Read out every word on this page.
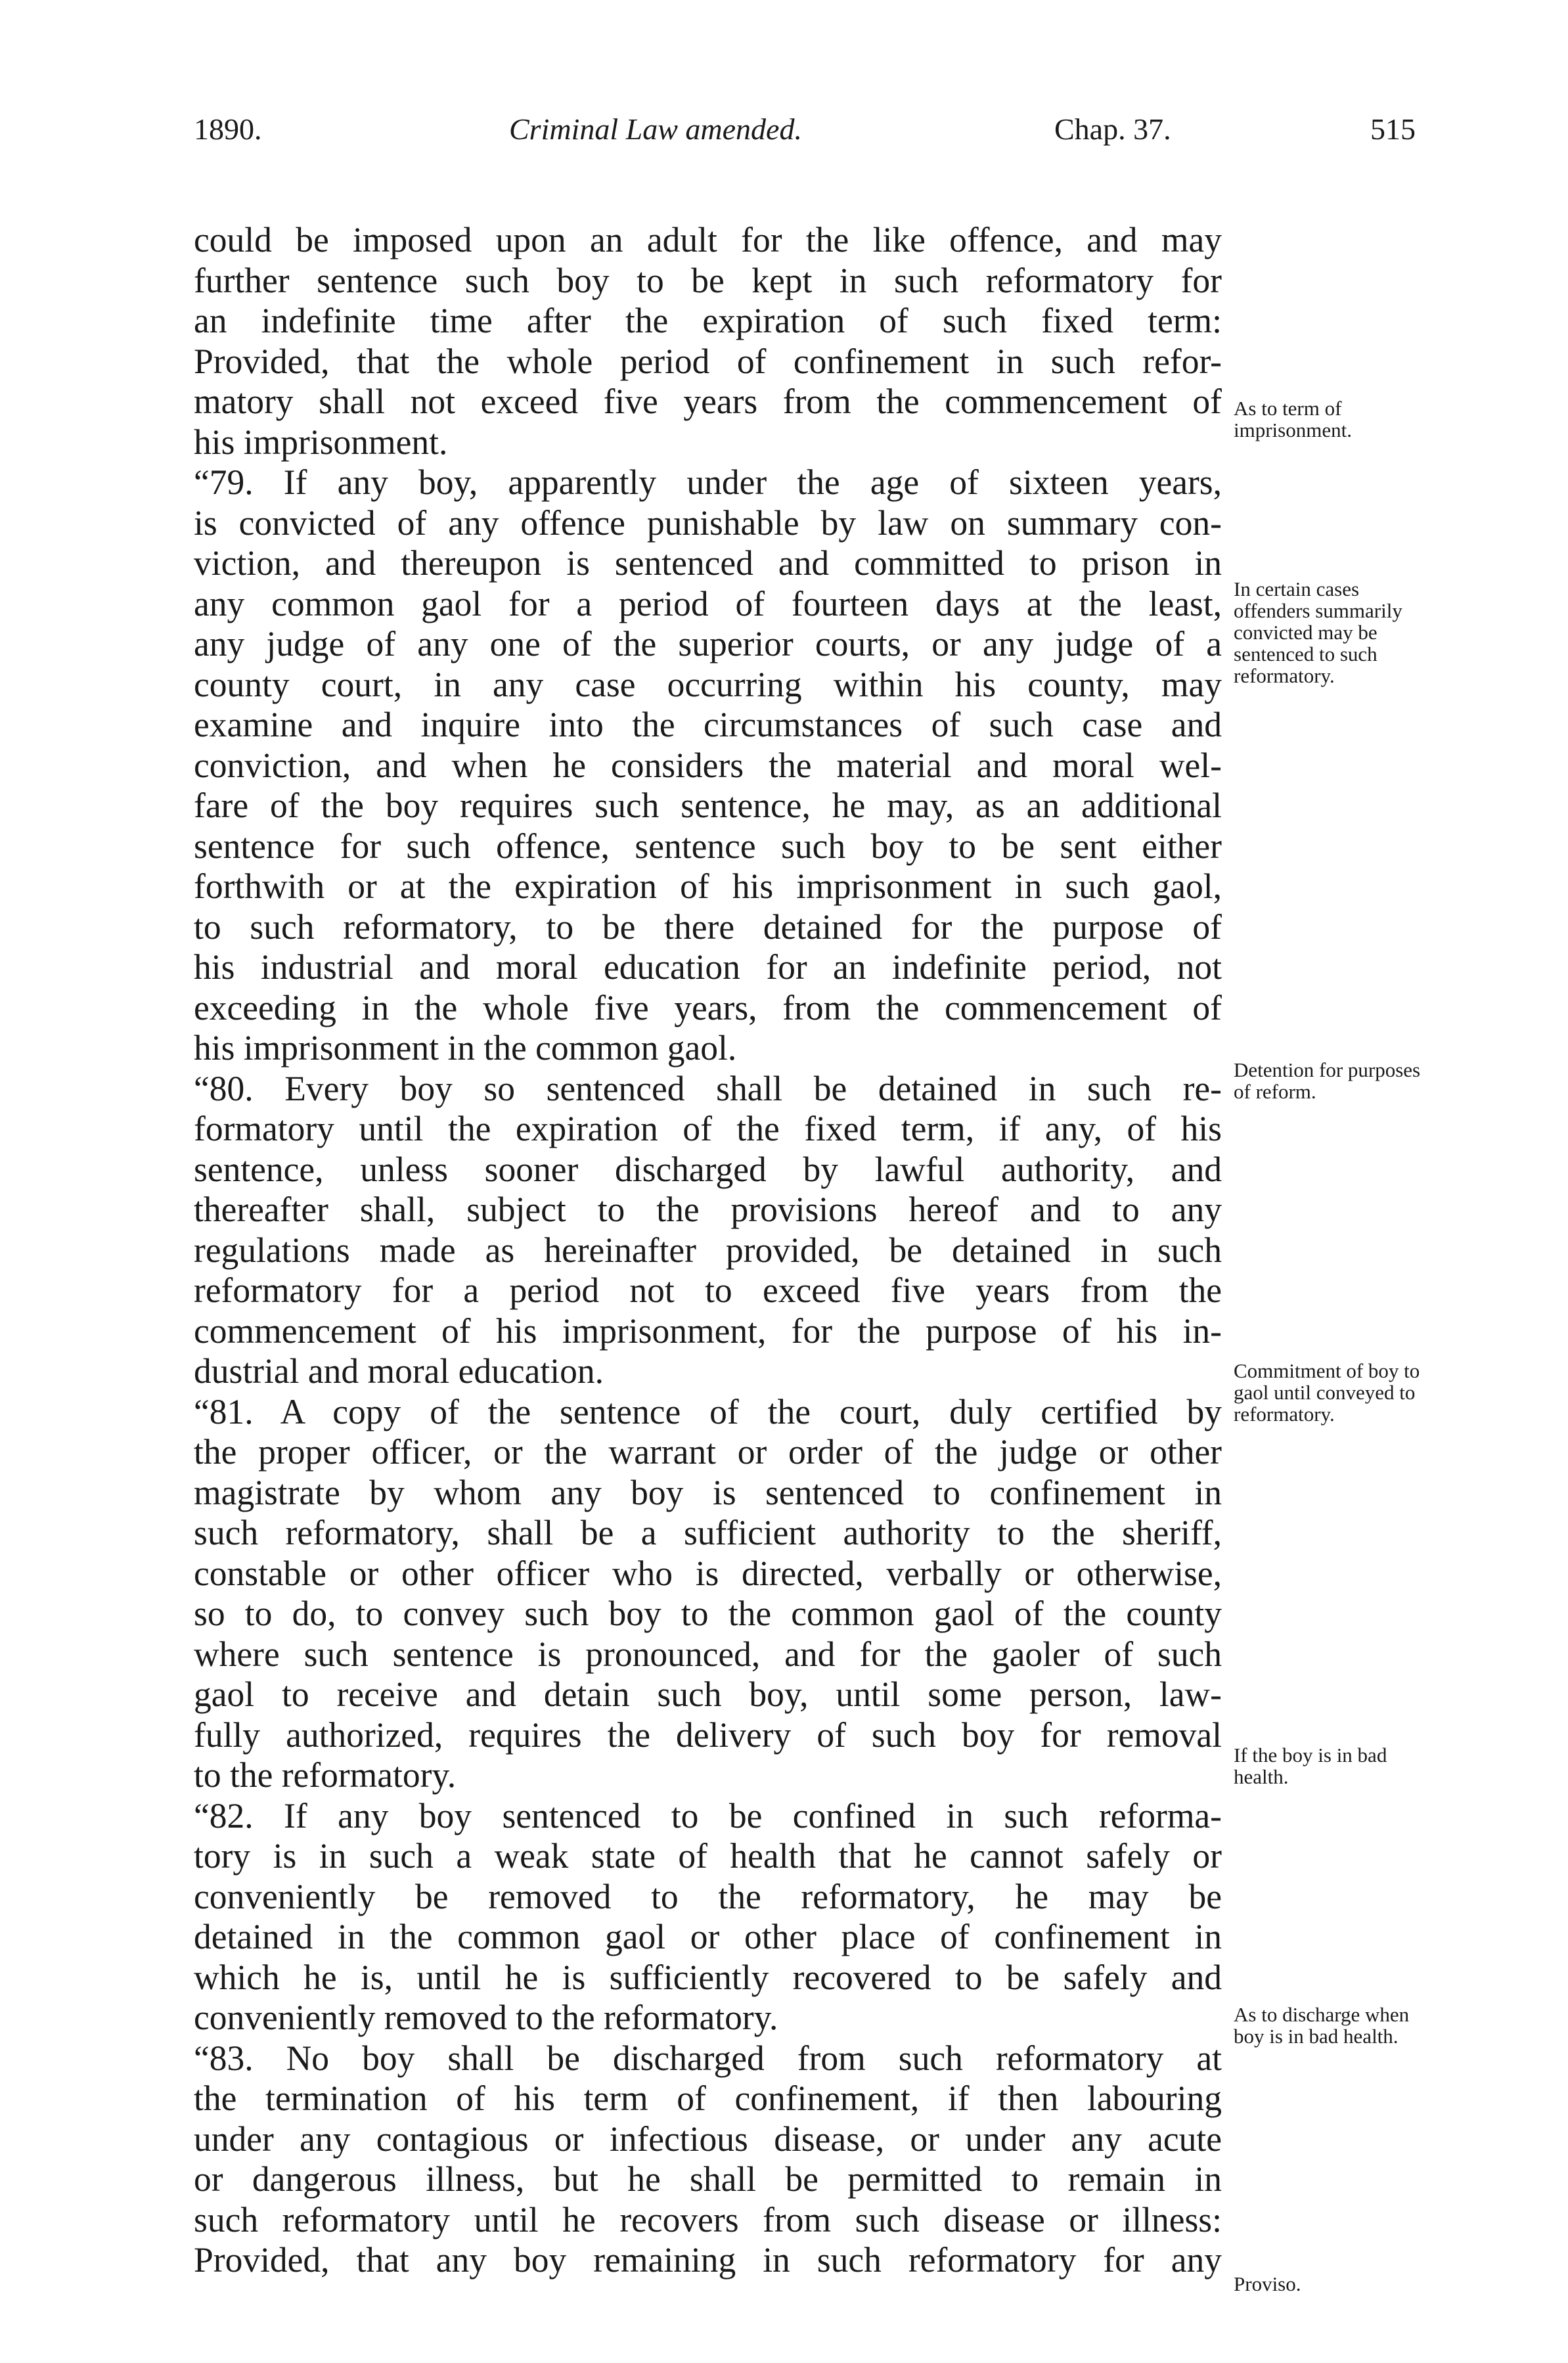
1890.	Criminal Law amended.	Chap. 37.	515
could be imposed upon an adult for the like offence, and may
further sentence such boy to be kept in such reformatory for
an indefinite time after the expiration of such fixed term:
Provided, that the whole period of confinement in such refor-
matory shall not exceed five years from the commencement of
his imprisonment.
“79. If any boy, apparently under the age of sixteen years,
is convicted of any offence punishable by law on summary con-
viction, and thereupon is sentenced and committed to prison in
any common gaol for a period of fourteen days at the least,
any judge of any one of the superior courts, or any judge of a
county court, in any case occurring within his county, may
examine and inquire into the circumstances of such case and
conviction, and when he considers the material and moral wel-
fare of the boy requires such sentence, he may, as an additional
sentence for such offence, sentence such boy to be sent either
forthwith or at the expiration of his imprisonment in such gaol,
to such reformatory, to be there detained for the purpose of
his industrial and moral education for an indefinite period, not
exceeding in the whole five years, from the commencement of
his imprisonment in the common gaol.
“80. Every boy so sentenced shall be detained in such re-
formatory until the expiration of the fixed term, if any, of his
sentence, unless sooner discharged by lawful authority, and
thereafter shall, subject to the provisions hereof and to any
regulations made as hereinafter provided, be detained in such
reformatory for a period not to exceed five years from the
commencement of his imprisonment, for the purpose of his in-
dustrial and moral education.
“81. A copy of the sentence of the court, duly certified by
the proper officer, or the warrant or order of the judge or other
magistrate by whom any boy is sentenced to confinement in
such reformatory, shall be a sufficient authority to the sheriff,
constable or other officer who is directed, verbally or otherwise,
so to do, to convey such boy to the common gaol of the county
where such sentence is pronounced, and for the gaoler of such
gaol to receive and detain such boy, until some person, law-
fully authorized, requires the delivery of such boy for removal
to the reformatory.
“82. If any boy sentenced to be confined in such reforma-
tory is in such a weak state of health that he cannot safely or
conveniently be removed to the reformatory, he may be
detained in the common gaol or other place of confinement in
which he is, until he is sufficiently recovered to be safely and
conveniently removed to the reformatory.
“83. No boy shall be discharged from such reformatory at
the termination of his term of confinement, if then labouring
under any contagious or infectious disease, or under any acute
or dangerous illness, but he shall be permitted to remain in
such reformatory until he recovers from such disease or illness:
Provided, that any boy remaining in such reformatory for any
As to term of imprisonment.
In certain cases offenders summarily convicted may be sentenced to such reformatory.
Detention for purposes of reform.
Commitment of boy to gaol until conveyed to reformatory.
If the boy is in bad health.
As to discharge when boy is in bad health.
Proviso.
